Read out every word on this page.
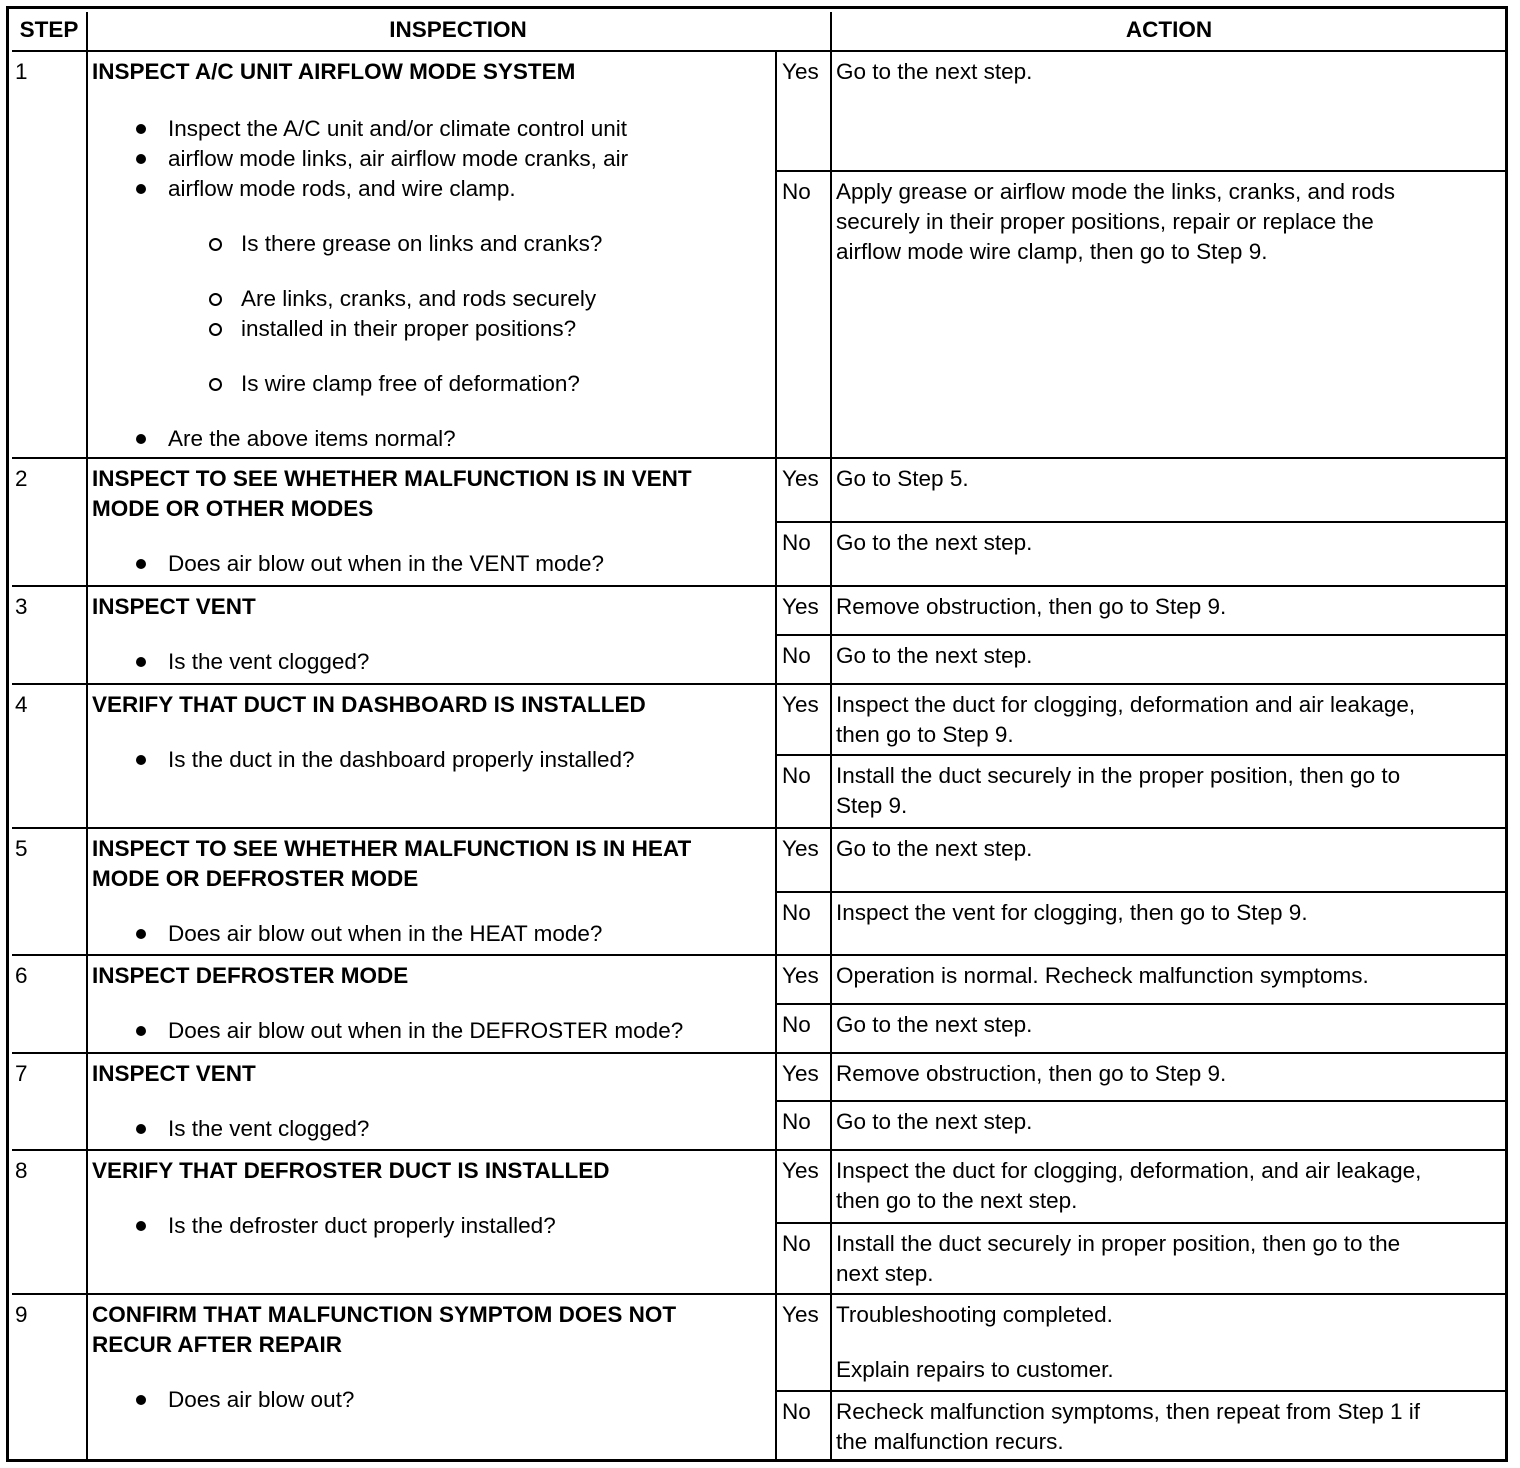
STEP	INSPECTION	ACTION
1	INSPECT A/C UNIT AIRFLOW MODE SYSTEM
Inspect the A/C unit and/or climate control unit
airflow mode links, air airflow mode cranks, air
airflow mode rods, and wire clamp.
Is there grease on links and cranks?
Are links, cranks, and rods securely
installed in their proper positions?
Is wire clamp free of deformation?
Are the above items normal?
Yes Go to the next step.
No Apply grease or airflow mode the links, cranks, and rods
securely in their proper positions, repair or replace the
airflow mode wire clamp, then go to Step 9.
2	INSPECT TO SEE WHETHER MALFUNCTION IS IN VENT
MODE OR OTHER MODES
Does air blow out when in the VENT mode?
Yes Go to Step 5.
No Go to the next step.
3	INSPECT VENT
Is the vent clogged?
Yes Remove obstruction, then go to Step 9.
No Go to the next step.
4	VERIFY THAT DUCT IN DASHBOARD IS INSTALLED
Is the duct in the dashboard properly installed?
Yes Inspect the duct for clogging, deformation and air leakage,
then go to Step 9.
No Install the duct securely in the proper position, then go to
Step 9.
5	INSPECT TO SEE WHETHER MALFUNCTION IS IN HEAT
MODE OR DEFROSTER MODE
Does air blow out when in the HEAT mode?
Yes Go to the next step.
No Inspect the vent for clogging, then go to Step 9.
6	INSPECT DEFROSTER MODE
Does air blow out when in the DEFROSTER mode?
Yes Operation is normal. Recheck malfunction symptoms.
No Go to the next step.
7	INSPECT VENT
Is the vent clogged?
Yes Remove obstruction, then go to Step 9.
No Go to the next step.
8	VERIFY THAT DEFROSTER DUCT IS INSTALLED
Is the defroster duct properly installed?
Yes Inspect the duct for clogging, deformation, and air leakage,
then go to the next step.
No Install the duct securely in proper position, then go to the
next step.
9	CONFIRM THAT MALFUNCTION SYMPTOM DOES NOT
RECUR AFTER REPAIR
Does air blow out?
Yes Troubleshooting completed.
Explain repairs to customer.
No Recheck malfunction symptoms, then repeat from Step 1 if
the malfunction recurs.
